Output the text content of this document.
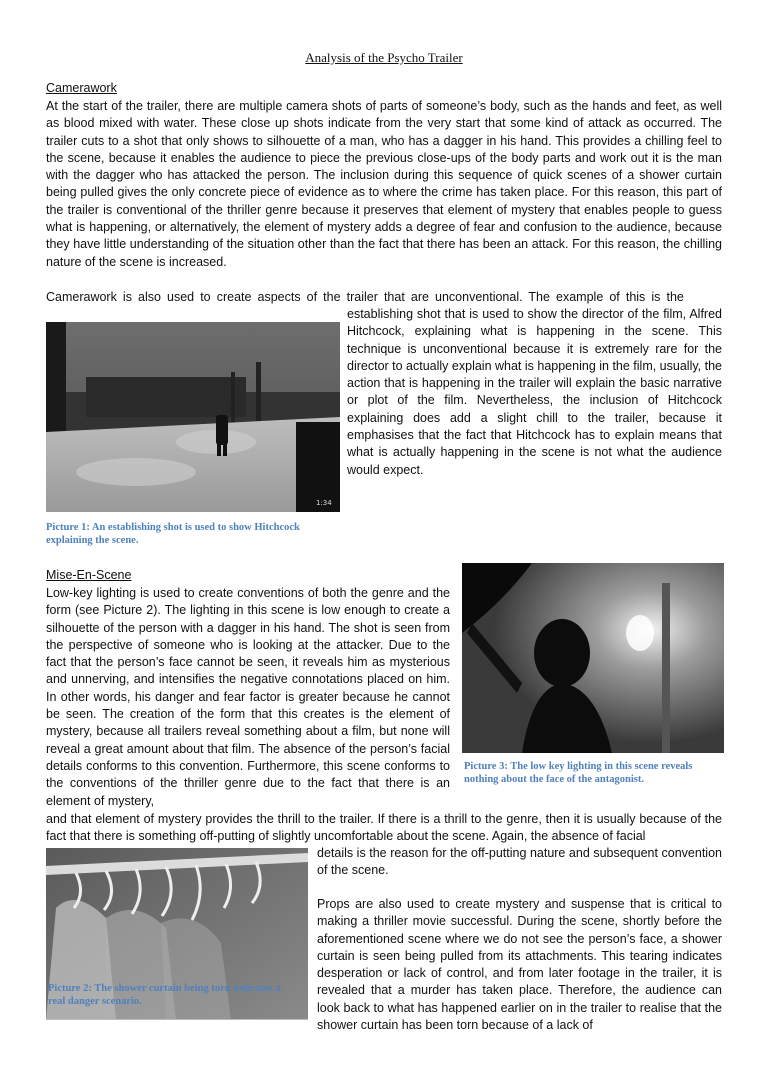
Analysis of the Psycho Trailer
Camerawork

At the start of the trailer, there are multiple camera shots of parts of someone’s body, such as the hands and feet, as well as blood mixed with water. These close up shots indicate from the very start that some kind of attack as occurred. The trailer cuts to a shot that only shows to silhouette of a man, who has a dagger in his hand. This provides a chilling feel to the scene, because it enables the audience to piece the previous close-ups of the body parts and work out it is the man with the dagger who has attacked the person. The inclusion during this sequence of quick scenes of a shower curtain being pulled gives the only concrete piece of evidence as to where the crime has taken place. For this reason, this part of the trailer is conventional of the thriller genre because it preserves that element of mystery that enables people to guess what is happening, or alternatively, the element of mystery adds a degree of fear and confusion to the audience, because they have little understanding of the situation other than the fact that there has been an attack. For this reason, the chilling nature of the scene is increased.

Camerawork is also used to create aspects of the trailer that are unconventional. The example of this is the

establishing shot that is used to show the director of the film, Alfred Hitchcock, explaining what is happening in the scene. This technique is unconventional because it is extremely rare for the director to actually explain what is happening in the film, usually, the action that is happening in the trailer will explain the basic narrative or plot of the film. Nevertheless, the inclusion of Hitchcock explaining does add a slight chill to the trailer, because it emphasises that the fact that Hitchcock has to explain means that what is actually happening in the scene is not what the audience would expect.

1:34
Picture 1: An establishing shot is used to show Hitchcock explaining the scene.
Mise-En-Scene

Low-key lighting is used to create conventions of both the genre and the form (see Picture 2). The lighting in this scene is low enough to create a silhouette of the person with a dagger in his hand. The shot is seen from the perspective of someone who is looking at the attacker. Due to the fact that the person’s face cannot be seen, it reveals him as mysterious and unnerving, and intensifies the negative connotations placed on him. In other words, his danger and fear factor is greater because he cannot be seen. The creation of the form that this creates is the element of mystery, because all trailers reveal something about a film, but none will reveal a great amount about that film. The absence of the person’s facial details conforms to this convention. Furthermore, this scene conforms to the conventions of the thriller genre due to the fact that there is an element of mystery,

Picture 3: The low key lighting in this scene reveals nothing about the face of the antagonist.

and that element of mystery provides the thrill to the trailer. If there is a thrill to the genre, then it is usually because of the fact that there is something off-putting of slightly uncomfortable about the scene. Again, the absence of facial

details is the reason for the off-putting nature and subsequent convention of the scene.

Picture 2: The shower curtain being torn indicates a real danger scenario.

Props are also used to create mystery and suspense that is critical to making a thriller movie successful. During the scene, shortly before the aforementioned scene where we do not see the person’s face, a shower curtain is seen being pulled from its attachments. This tearing indicates desperation or lack of control, and from later footage in the trailer, it is revealed that a murder has taken place. Therefore, the audience can look back to what has happened earlier on in the trailer to realise that the shower curtain has been torn because of a lack of
